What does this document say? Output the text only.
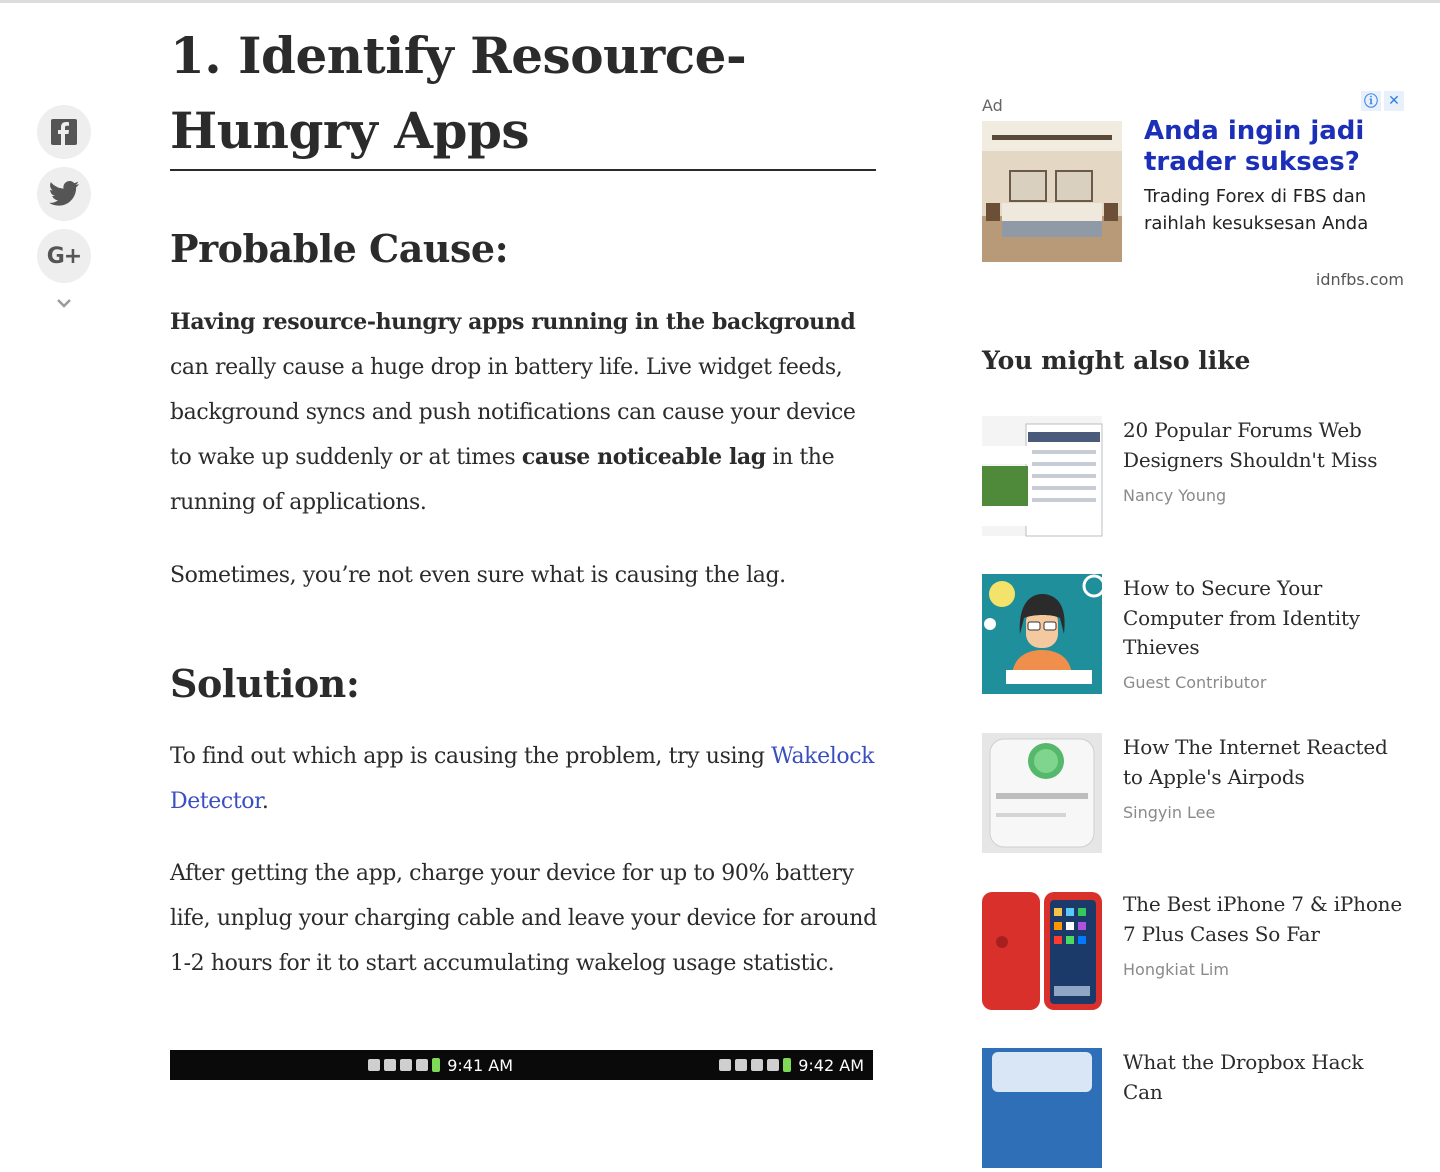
G+
1. Identify Resource-Hungry Apps
Probable Cause:

Having resource-hungry apps running in the background can really cause a huge drop in battery life. Live widget feeds, background syncs and push notifications can cause your device to wake up suddenly or at times cause noticeable lag in the running of applications.

Sometimes, you’re not even sure what is causing the lag.

Solution:

To find out which app is causing the problem, try using Wakelock Detector.

After getting the app, charge your device for up to 90% battery life, unplug your charging cable and leave your device for around 1-2 hours for it to start accumulating wakelog usage statistic.

9:41 AM	9:42 AM
Ad	ⓘ ✕
Anda ingin jadi trader sukses?
Trading Forex di FBS dan raihlah kesuksesan Anda
idnfbs.com
You might also like
20 Popular Forums Web Designers Shouldn't Miss
Nancy Young
How to Secure Your Computer from Identity Thieves
Guest Contributor
How The Internet Reacted to Apple's Airpods
Singyin Lee
The Best iPhone 7 & iPhone 7 Plus Cases So Far
Hongkiat Lim
What the Dropbox Hack Can
